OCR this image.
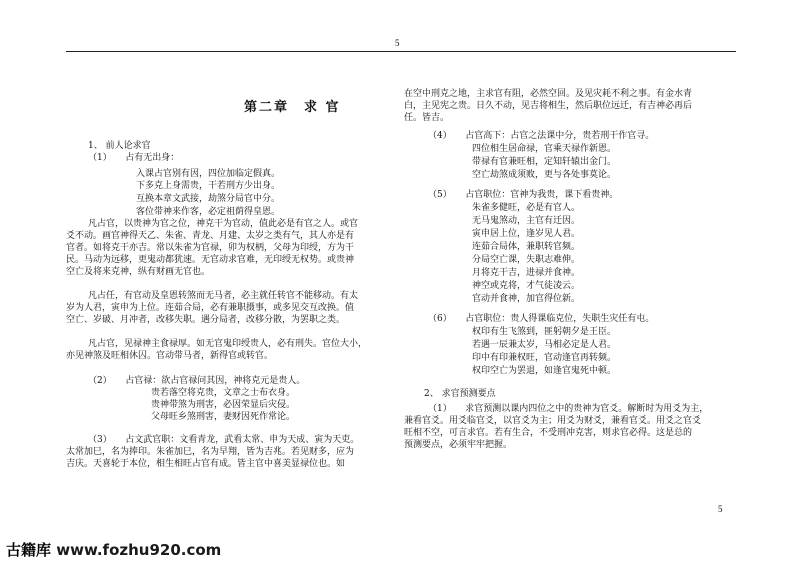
5
第二章　求 官
1、 前人论求官
（1）　　占有无出身：
入课占官别有因，四位加临定假真。
下多克上身需贵，干若刑方少出身。
互换本章文武接，劫煞分局官中分。
客位带神来作客，必定祖荫得皇恩。
凡占官，以贵神为官之位，神克干为官动，值此必是有官之人。或官
爻不动。画官神得天乙、朱雀、青龙、月建、太岁之类有气，其人亦是有
官者。如将克干亦吉。常以朱雀为官禄，卯为权柄，父母为印绶，方为干
民。马动为远移，更鬼动都犹速。无官动求官难，无印绶无权势。或贵神
空亡及将来克神，纵有财画无官也。
凡占任，有官动及皇恩转煞而无马者，必主就任转官不能移动。有太
岁为人君，寅申为上位。连茹合局，必有兼职摄事，或多见交互改换。值
空亡、岁破、月冲者，改移失职。遇分局者，改移分散，为罢职之类。
凡占官，见禄神主食禄厚。如无官鬼印绶贵人，必有刑失。官位大小，
亦见神煞及旺相休囚。官动带马者，新得官或转官。
（2）　　占官禄：欲占官禄问其因，神将克元是贵人。
贵若落空将克贵，文章之士布衣身。
贵神带煞为刑害，必因荣显后灾侵。
父母旺乡煞刑害，妻财因死作常论。
（3）　　占文武官职：文看青龙，武看太常、申为天成、寅为天吏。
太常加巳，名为捧印。朱雀加巳，名为早翔，皆为吉兆。若见财多，应为
吉庆。天喜轮于本位，相生相旺占官有成。皆主官中喜美显禄位也。如
在空中刑克之地，主求官有阻，必然空回。及见灾耗不利之事。有金水青
白，主见宪之贵。日久不动，见吉将相生，然后职位远迁，有吉神必再后
任。皆吉。
（4）　　占官高下：占官之法课中分，贵若刑干作官寻。
四位相生居命禄，官乘天禄作新恩。
带禄有官兼旺相，定知轩辕出金门。
空亡劫煞成须败，更与各处事莫论。
（5）　　占官职位：官神为我贵，课下看贵神。
朱雀多健旺，必是有官人。
无马鬼煞动，主官有迁因。
寅申居上位，逢岁见人君。
连茹合局体，兼职转官频。
分局空亡课，失职志难伸。
月将克干吉，进禄并食神。
神空或克将，才气徒凌云。
官动并食神，加官得位新。
（6）　　占官职位：贵人得课临克位，失职生灾任有屯。
权印有生飞煞到，匪躬朝夕是王臣。
若遇一辰兼太岁，马相必定是人君。
印中有印兼权旺，官动逢官再转频。
权印空亡为罢退，如逢官鬼死中顿。
2、 求官预测要点
（1）　　求官预测以课内四位之中的贵神为官爻。解断时为用爻为主，
兼看官爻。用爻临官爻，以官爻为主；用爻为财爻，兼看官爻。用爻之官爻
旺相不空，可言求官。若有生合，不受刑冲克害，则求官必得。这是总的
预测要点，必须牢牢把握。
5
古籍库 www.fozhu920.com
